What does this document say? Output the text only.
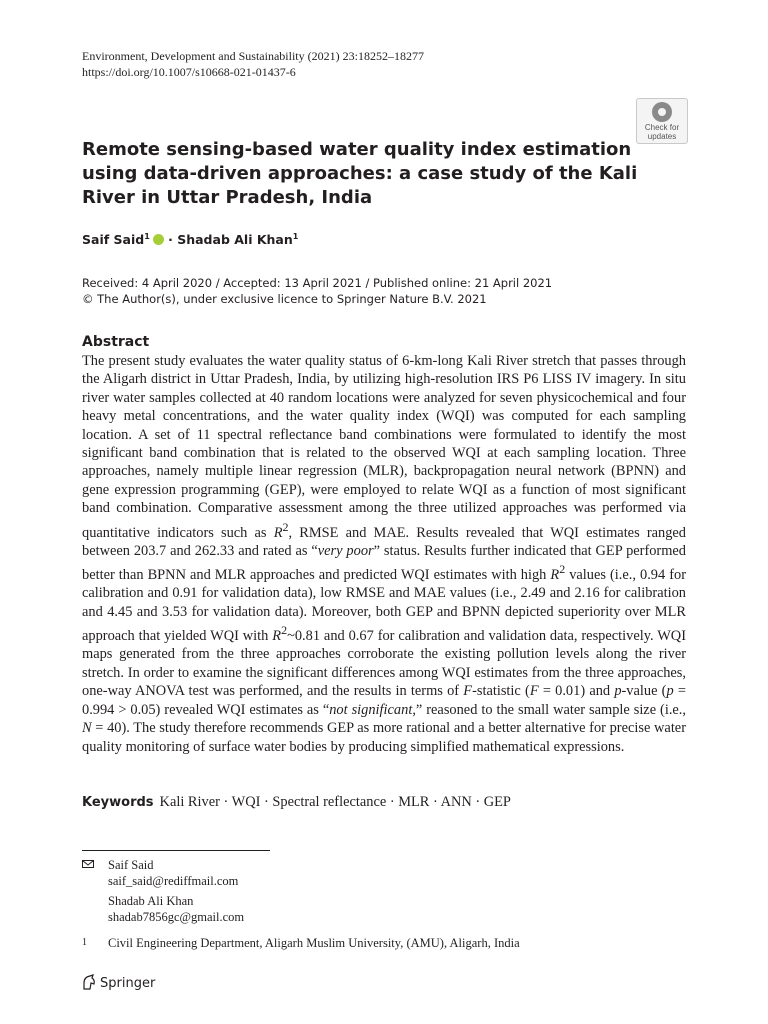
Environment, Development and Sustainability (2021) 23:18252–18277
https://doi.org/10.1007/s10668-021-01437-6
Check for
updates
Remote sensing-based water quality index estimation using data-driven approaches: a case study of the Kali River in Uttar Pradesh, India
Saif Said$^1$ · Shadab Ali Khan$^1$
Received: 4 April 2020 / Accepted: 13 April 2021 / Published online: 21 April 2021
© The Author(s), under exclusive licence to Springer Nature B.V. 2021
Abstract
The present study evaluates the water quality status of 6-km-long Kali River stretch that passes through the Aligarh district in Uttar Pradesh, India, by utilizing high-resolution IRS P6 LISS IV imagery. In situ river water samples collected at 40 random locations were analyzed for seven physicochemical and four heavy metal concentrations, and the water quality index (WQI) was computed for each sampling location. A set of 11 spectral reflectance band combinations were formulated to identify the most significant band combination that is related to the observed WQI at each sampling location. Three approaches, namely multiple linear regression (MLR), backpropagation neural network (BPNN) and gene expression programming (GEP), were employed to relate WQI as a function of most significant band combination. Comparative assessment among the three utilized approaches was performed via quantitative indicators such as $R^2$, RMSE and MAE. Results revealed that WQI estimates ranged between 203.7 and 262.33 and rated as “very poor” status. Results further indicated that GEP performed better than BPNN and MLR approaches and predicted WQI estimates with high $R^2$ values (i.e., 0.94 for calibration and 0.91 for validation data), low RMSE and MAE values (i.e., 2.49 and 2.16 for calibration and 4.45 and 3.53 for validation data). Moreover, both GEP and BPNN depicted superiority over MLR approach that yielded WQI with $R^2\sim 0.81$ and 0.67 for calibration and validation data, respectively. WQI maps generated from the three approaches corroborate the existing pollution levels along the river stretch. In order to examine the significant differences among WQI estimates from the three approaches, one-way ANOVA test was performed, and the results in terms of F-statistic (F = 0.01) and p-value (p = 0.994 > 0.05) revealed WQI estimates as “not significant,” reasoned to the small water sample size (i.e., N = 40). The study therefore recommends GEP as more rational and a better alternative for precise water quality monitoring of surface water bodies by producing simplified mathematical expressions.
Keywords Kali River · WQI · Spectral reflectance · MLR · ANN · GEP
Saif Said
saif_said@rediffmail.com
Shadab Ali Khan
shadab7856gc@gmail.com
1 Civil Engineering Department, Aligarh Muslim University, (AMU), Aligarh, India
Springer
